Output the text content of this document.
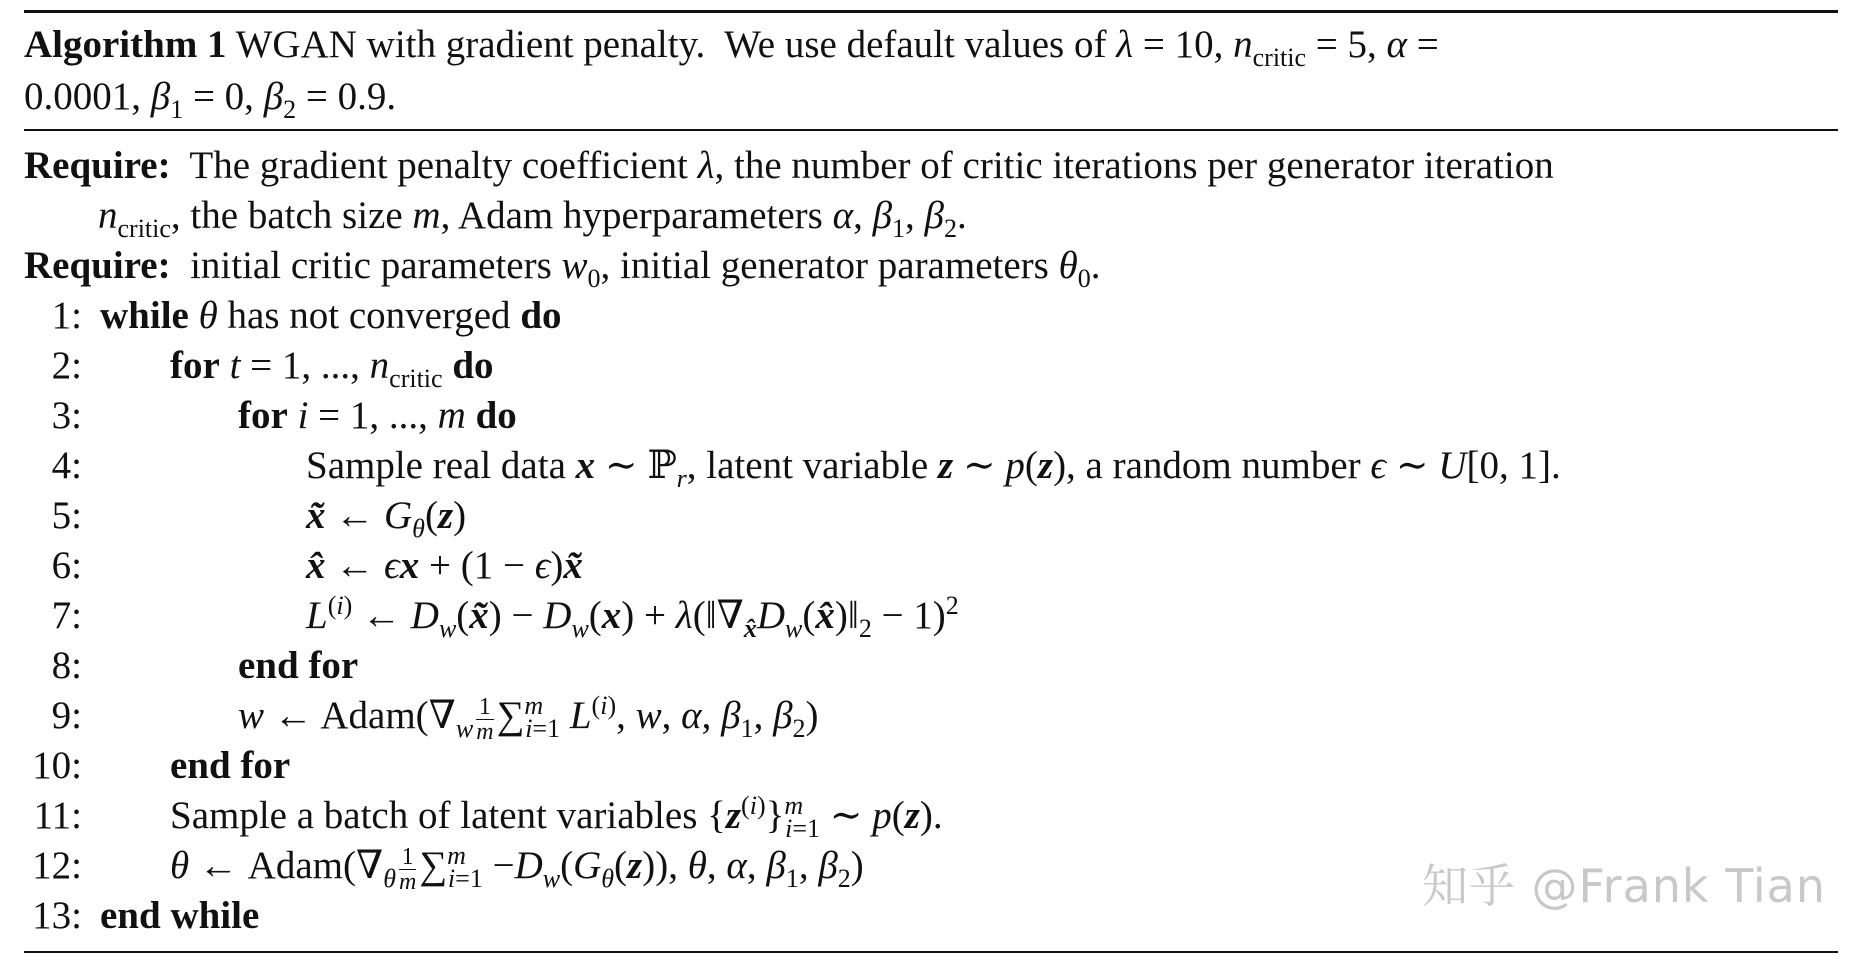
Algorithm 1 WGAN with gradient penalty.  We use default values of λ = 10, $n_{critic} = 5$, α =
0.0001, $\beta_1 = 0$, $\beta_2 = 0.9$.
Require:  The gradient penalty coefficient λ, the number of critic iterations per generator iteration
$n_{critic}$, the batch size m, Adam hyperparameters α, $\beta_1$, $\beta_2$.
Require:  initial critic parameters $w_0$, initial generator parameters $\theta_0$.
1: while θ has not converged do
2: for t = 1, ..., $n_{critic}$ do
3:	for i = 1, ..., m do
4:	Sample real data x ∼ ℙ$_r$, latent variable z ∼ p(z), a random number ϵ ∼ U[0, 1].
5:	x̃ ← $G_\theta(z)$
6:	x̂ ← ϵx + (1 − ϵ)x̃
7:	$L^{(i)}$ ← $D_w(x̃) - D_w(x)$ + $\lambda(‖\nabla_{x̂}D_w(x̂)‖_2 - 1)^2$
8:	end for
9:	w ← $Adam(\nabla_w \frac{1}{m} \sum^m_{i=1}$ $L^{(i)}$, w, α, $\beta_1$, $\beta_2$)
10: end for
11: Sample a batch of latent variables $\{z^{(i)}\}^m_{i=1}$ ∼ p(z).
12: θ ← $Adam(\nabla_\theta \frac{1}{m} \sum^m_{i=1} -D_w(G_\theta(z))$, θ, α, $\beta_1$, $\beta_2$)
13: end while
知乎 @Frank Tian
